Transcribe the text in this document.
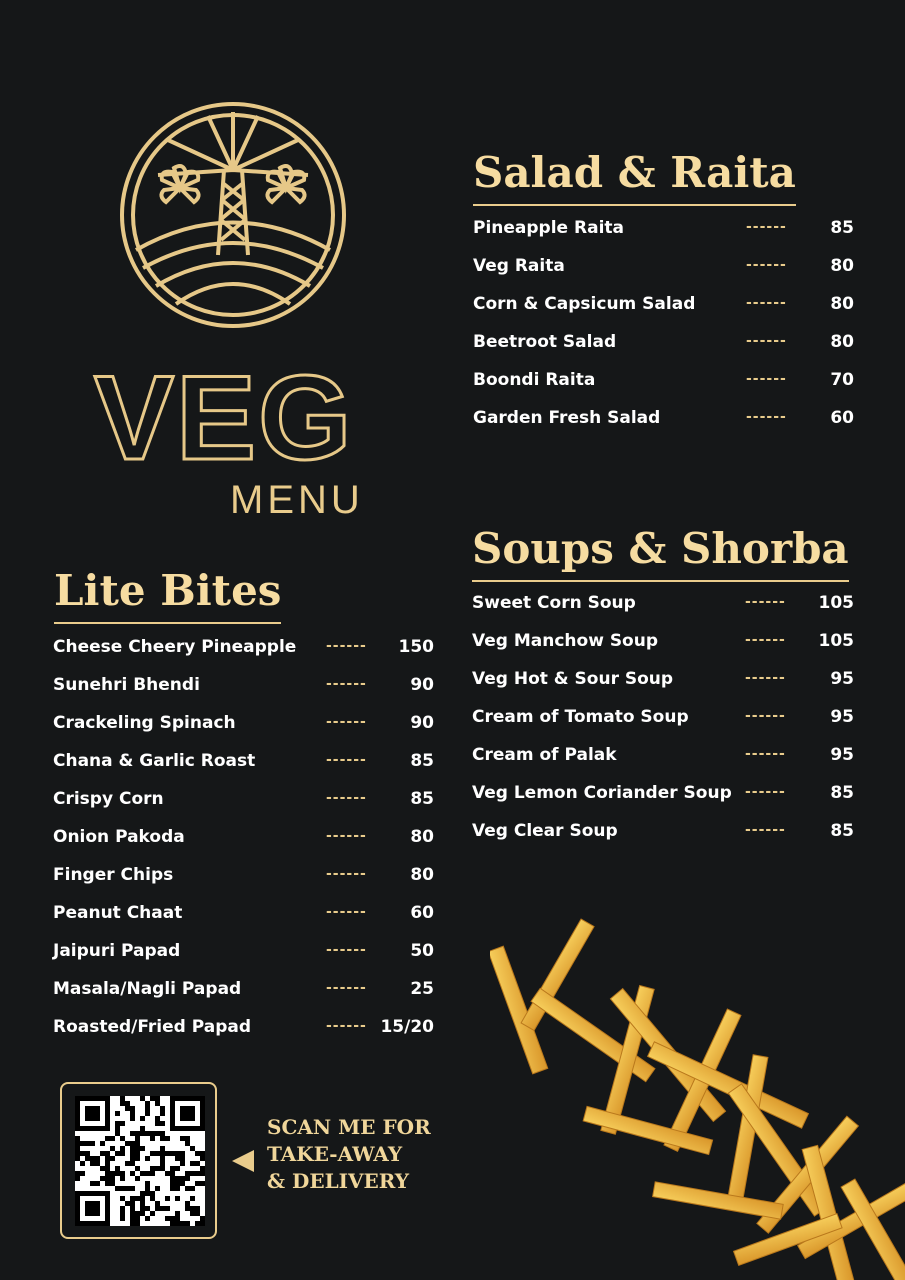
VEG
MENU
Salad & Raita
Pineapple Raita	------	85
Veg Raita	------	80
Corn & Capsicum Salad	------	80
Beetroot Salad	------	80
Boondi Raita	------	70
Garden Fresh Salad	------	60
Soups & Shorba
Sweet Corn Soup	------ 105
Veg Manchow Soup	------ 105
Veg Hot & Sour Soup	------	95
Cream of Tomato Soup	------	95
Cream of Palak	------	95
Veg Lemon Coriander Soup ------	85
Veg Clear Soup	------	85
Lite Bites
Cheese Cheery Pineapple ------ 150
Sunehri Bhendi	------	90
Crackeling Spinach	------	90
Chana & Garlic Roast	------	85
Crispy Corn	------	85
Onion Pakoda	------	80
Finger Chips	------	80
Peanut Chaat	------	60
Jaipuri Papad	------	50
Masala/Nagli Papad	------	25
Roasted/Fried Papad	------ 15/20
SCAN ME FOR
TAKE-AWAY
& DELIVERY
